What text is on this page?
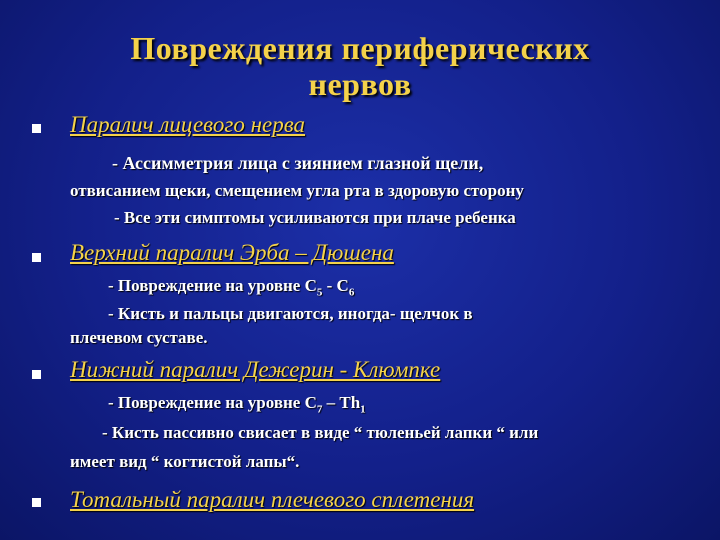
Повреждения периферических
нервов
Паралич лицевого нерва
- Ассимметрия лица с зиянием глазной щели,
отвисанием щеки, смещением угла рта в здоровую сторону
- Все эти симптомы усиливаются при плаче ребенка
Верхний паралич Эрба – Дюшена
- Повреждение на уровне $С_5 - С_6$
- Кисть и пальцы двигаются, иногда- щелчок в
плечевом суставе.
Нижний паралич Дежерин - Клюмпке
- Повреждение на уровне $С_7 - Th_1$
- Кисть пассивно свисает в виде “ тюленьей лапки “ или
имеет вид “ когтистой лапы“.
Тотальный паралич плечевого сплетения
